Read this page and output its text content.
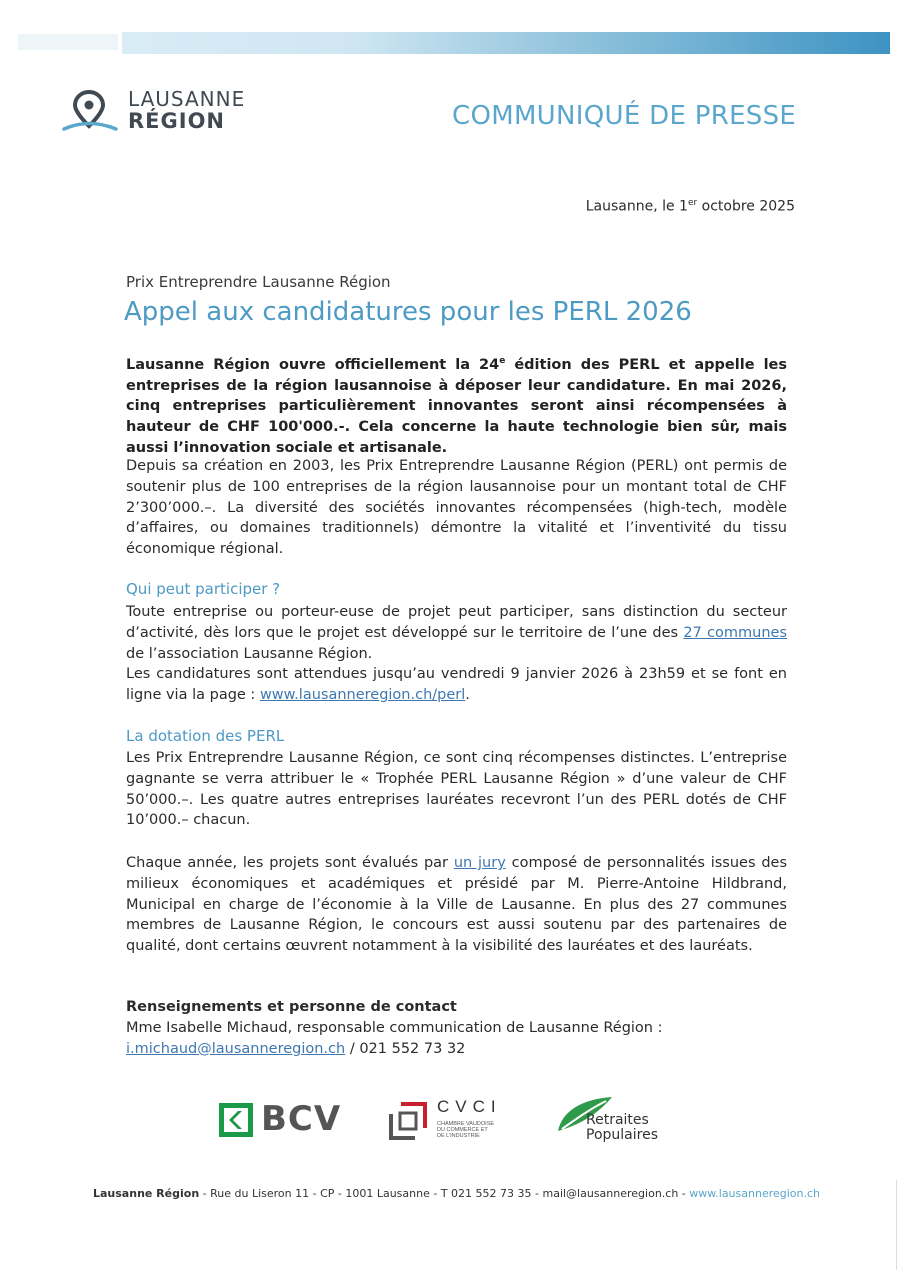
LAUSANNE
RÉGION	COMMUNIQUÉ DE PRESSE
Lausanne, le 1er octobre 2025
Prix Entreprendre Lausanne Région
Appel aux candidatures pour les PERL 2026
Lausanne Région ouvre officiellement la 24e édition des PERL et appelle les entreprises de la région lausannoise à déposer leur candidature. En mai 2026, cinq entreprises particulièrement innovantes seront ainsi récompensées à hauteur de CHF 100'000.-. Cela concerne la haute technologie bien sûr, mais aussi l’innovation sociale et artisanale.

Depuis sa création en 2003, les Prix Entreprendre Lausanne Région (PERL) ont permis de soutenir plus de 100 entreprises de la région lausannoise pour un montant total de CHF 2’300’000.–. La diversité des sociétés innovantes récompensées (high-tech, modèle d’affaires, ou domaines traditionnels) démontre la vitalité et l’inventivité du tissu économique régional.

Qui peut participer ?

Toute entreprise ou porteur-euse de projet peut participer, sans distinction du secteur d’activité, dès lors que le projet est développé sur le territoire de l’une des 27 communes de l’association Lausanne Région.

Les candidatures sont attendues jusqu’au vendredi 9 janvier 2026 à 23h59 et se font en ligne via la page : www.lausanneregion.ch/perl.

La dotation des PERL

Les Prix Entreprendre Lausanne Région, ce sont cinq récompenses distinctes. L’entreprise gagnante se verra attribuer le « Trophée PERL Lausanne Région » d’une valeur de CHF 50’000.–. Les quatre autres entreprises lauréates recevront l’un des PERL dotés de CHF 10’000.– chacun.

Chaque année, les projets sont évalués par un jury composé de personnalités issues des milieux économiques et académiques et présidé par M. Pierre-Antoine Hildbrand, Municipal en charge de l’économie à la Ville de Lausanne. En plus des 27 communes membres de Lausanne Région, le concours est aussi soutenu par des partenaires de qualité, dont certains œuvrent notamment à la visibilité des lauréates et des lauréats.

Renseignements et personne de contact
Mme Isabelle Michaud, responsable communication de Lausanne Région :
i.michaud@lausanneregion.ch / 021 552 73 32
BCV	CVCI
CHAMBRE VAUDOISE
DU COMMERCE ET
DE L’INDUSTRIE
Retraites
Populaires
Lausanne Région - Rue du Liseron 11 - CP - 1001 Lausanne - T 021 552 73 35 - mail@lausanneregion.ch - www.lausanneregion.ch
